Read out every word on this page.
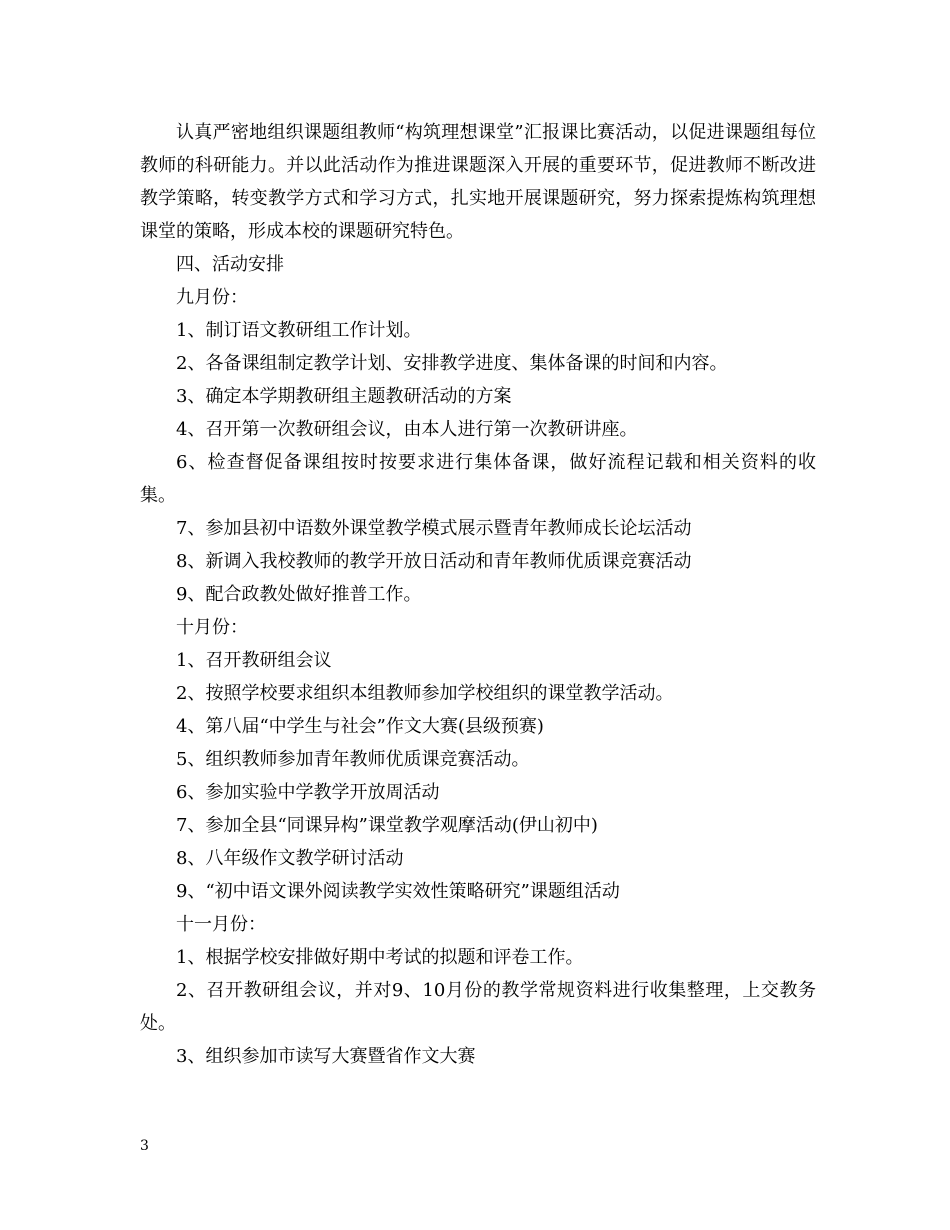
认真严密地组织课题组教师“构筑理想课堂”汇报课比赛活动，以促进课题组每位教师的科研能力。并以此活动作为推进课题深入开展的重要环节，促进教师不断改进教学策略，转变教学方式和学习方式，扎实地开展课题研究，努力探索提炼构筑理想课堂的策略，形成本校的课题研究特色。

四、活动安排

九月份：

1、制订语文教研组工作计划。

2、各备课组制定教学计划、安排教学进度、集体备课的时间和内容。

3、确定本学期教研组主题教研活动的方案

4、召开第一次教研组会议，由本人进行第一次教研讲座。

6、检查督促备课组按时按要求进行集体备课，做好流程记载和相关资料的收集。

7、参加县初中语数外课堂教学模式展示暨青年教师成长论坛活动

8、新调入我校教师的教学开放日活动和青年教师优质课竞赛活动

9、配合政教处做好推普工作。

十月份：

1、召开教研组会议

2、按照学校要求组织本组教师参加学校组织的课堂教学活动。

4、第八届“中学生与社会”作文大赛(县级预赛)

5、组织教师参加青年教师优质课竞赛活动。

6、参加实验中学教学开放周活动

7、参加全县“同课异构”课堂教学观摩活动(伊山初中)

8、八年级作文教学研讨活动

9、“初中语文课外阅读教学实效性策略研究”课题组活动

十一月份：

1、根据学校安排做好期中考试的拟题和评卷工作。

2、召开教研组会议，并对9、10月份的教学常规资料进行收集整理，上交教务处。

3、组织参加市读写大赛暨省作文大赛

3
